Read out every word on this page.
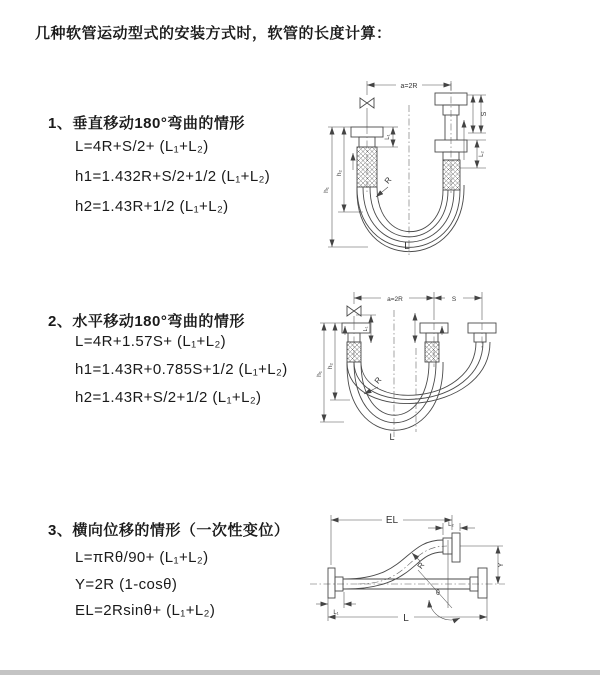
几种软管运动型式的安装方式时，软管的长度计算：
1、垂直移动180°弯曲的情形
L=4R+S/2+ (L₁+L₂)
h1=1.432R+S/2+1/2 (L₁+L₂)
h2=1.43R+1/2 (L₁+L₂)
2、水平移动180°弯曲的情形
L=4R+1.57S+ (L₁+L₂)
h1=1.43R+0.785S+1/2 (L₁+L₂)
h2=1.43R+S/2+1/2 (L₁+L₂)
3、横向位移的情形（一次性变位）
L=πRθ/90+ (L₁+L₂)
Y=2R (1-cosθ)
EL=2Rsinθ+ (L₁+L₂)
a=2R
R
h₁
h₂
L₁
S
L₂
L
a=2R	S
h₁
h₂
L₁
R
L
EL	L₂
R
θ
Y
L₁	L
